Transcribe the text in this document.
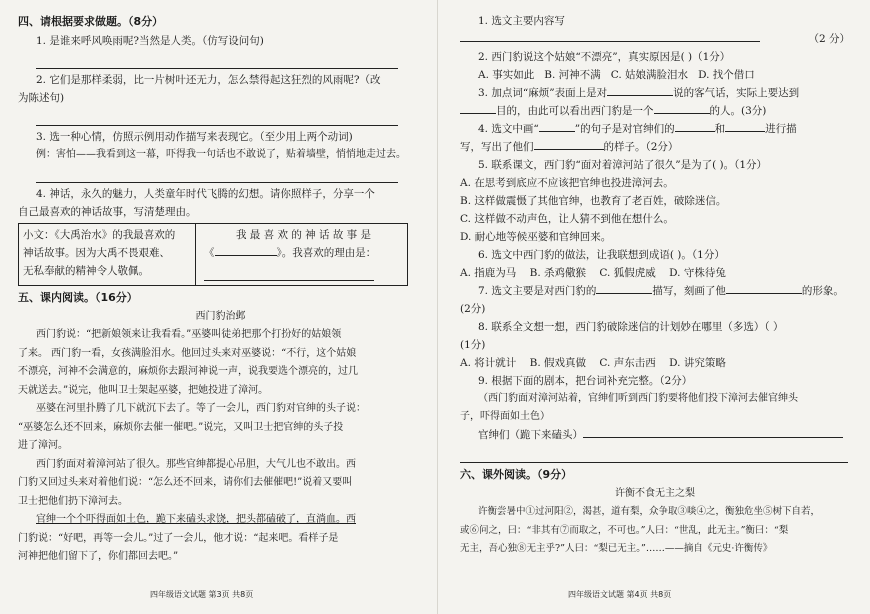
四、请根据要求做题。（8分）
1. 是谁来呼风唤雨呢?当然是人类。（仿写设问句)
2. 它们是那样柔弱，比一片树叶还无力，怎么禁得起这狂烈的风雨呢?（改
为陈述句)
3. 选一种心情，仿照示例用动作描写来表现它。（至少用上两个动词)
例：害怕——我看到这一幕，吓得我一句话也不敢说了，贴着墙壁，悄悄地走过去。
4. 神话，永久的魅力，人类童年时代飞腾的幻想。请你照样子，分享一个
自己最喜欢的神话故事，写清楚理由。
小文：《大禹治水》的我最喜欢的
神话故事。因为大禹不畏艰难、
无私奉献的精神令人敬佩。

我 最 喜 欢 的 神 话 故 事 是
《	》。我喜欢的理由是：
五、课内阅读。（16分）
西门豹治邺
西门豹说：“把新娘领来让我看看。”巫婆叫徒弟把那个打扮好的姑娘领
了来。 西门豹一看，女孩满脸泪水。他回过头来对巫婆说：“不行，这个姑娘
不漂亮，河神不会满意的，麻烦你去跟河神说一声，说我要选个漂亮的，过几
天就送去。”说完，他叫卫士架起巫婆，把她投进了漳河。
巫婆在河里扑腾了几下就沉下去了。等了一会儿，西门豹对官绅的头子说：
“巫婆怎么还不回来，麻烦你去催一催吧。”说完，又叫卫士把官绅的头子投
进了漳河。
西门豹面对着漳河站了很久。那些官绅都提心吊胆，大气儿也不敢出。西
门豹又回过头来对着他们说：“怎么还不回来，请你们去催催吧!”说着又要叫
卫士把他们扔下漳河去。
官绅一个个吓得面如土色，跪下来磕头求饶，把头都磕破了，直淌血。西
门豹说：“好吧，再等一会儿。”过了一会儿，他才说：“起来吧。看样子是
河神把他们留下了，你们都回去吧。”
四年级语文试题 第3页 共8页
1. 选文主要内容写
（2 分）
2. 西门豹说这个姑娘“不漂亮”，真实原因是( )（1分）
A. 事实如此 B. 河神不满 C. 姑娘满脸泪水 D. 找个借口
3. 加点词“麻烦”表面上是对	说的客气话，实际上要达到
目的，由此可以看出西门豹是一个	的人。(3分)
4. 选文中画“	”的句子是对官绅们的	和	进行描
写，写出了他们	的样子。（2分）
5. 联系课文，西门豹“面对着漳河站了很久”是为了( )。（1分）
A. 在思考到底应不应该把官绅也投进漳河去。
B. 这样做震慑了其他官绅，也教育了老百姓，破除迷信。
C. 这样做不动声色，让人猜不到他在想什么。
D. 耐心地等候巫婆和官绅回来。
6. 选文中西门豹的做法，让我联想到成语( )。（1分）
A. 指鹿为马 B. 杀鸡儆猴 C. 狐假虎威 D. 守株待兔
7. 选文主要是对西门豹的	描写，刻画了他	的形象。
(2分)
8. 联系全文想一想，西门豹破除迷信的计划妙在哪里（多选）（ ）
(1分)
A. 将计就计 B. 假戏真做 C. 声东击西 D. 讲究策略
9. 根据下面的剧本，把台词补充完整。（2分）
（西门豹面对漳河站着，官绅们听到西门豹要将他们投下漳河去催官绅头
子，吓得面如土色）
官绅们（跪下来磕头）
六、课外阅读。（9分）
许衡不食无主之梨
许衡尝暑中①过河阳②，渴甚，道有梨，众争取③啖④之，衡独危坐⑤树下自若，
或⑥问之，曰：“非其有⑦而取之，不可也。”人曰：“世乱，此无主。”衡曰：“梨
无主，吾心独⑧无主乎?”人曰：“梨已无主。”……——摘自《元史·许衡传》
四年级语文试题 第4页 共8页
